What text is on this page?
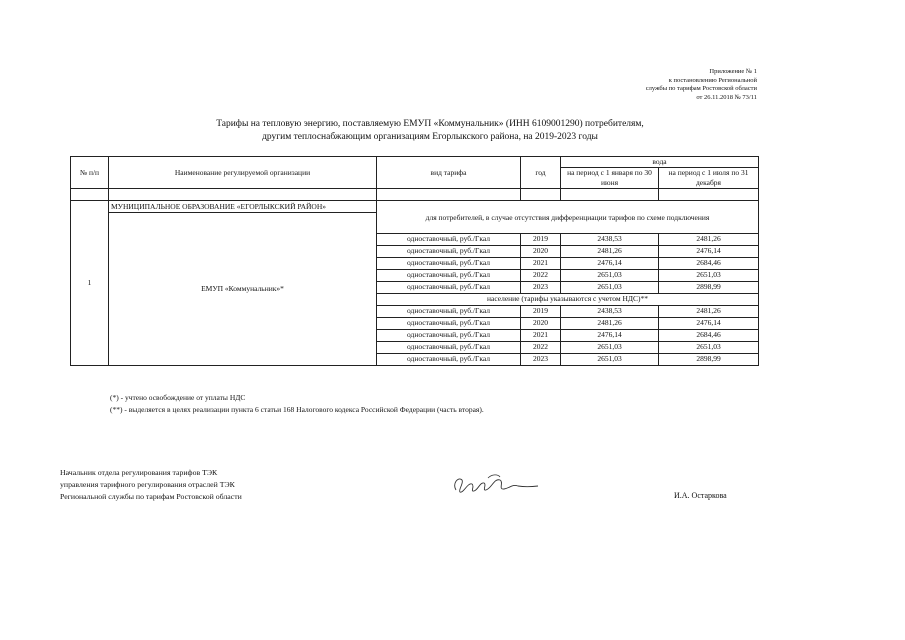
Приложение № 1
к постановлению Региональной
службы по тарифам Ростовской области
от 26.11.2018 № 73/11
Тарифы на тепловую энергию, поставляемую ЕМУП «Коммунальник» (ИНН 6109001290) потребителям,
другим теплоснабжающим организациям Егорлыкского района, на 2019-2023 годы
№ п/п	Наименование регулируемой организации	вид тарифа	год	вода	
				на период с 1 января по 30 июня	на период с 1 июля по 31 декабря

1	МУНИЦИПАЛЬНОЕ ОБРАЗОВАНИЕ «ЕГОРЛЫКСКИЙ РАЙОН»				
	ЕМУП «Коммунальник»*	для потребителей, в случае отсутствия дифференциации тарифов по схеме подключения			
		одноставочный, руб./Гкал	2019	2438,53	2481,26
		одноставочный, руб./Гкал	2020	2481,26	2476,14
		одноставочный, руб./Гкал	2021	2476,14	2684,46
		одноставочный, руб./Гкал	2022	2651,03	2651,03
		одноставочный, руб./Гкал	2023	2651,03	2898,99
		население (тарифы указываются с учетом НДС)**			
		одноставочный, руб./Гкал	2019	2438,53	2481,26
		одноставочный, руб./Гкал	2020	2481,26	2476,14
		одноставочный, руб./Гкал	2021	2476,14	2684,46
		одноставочный, руб./Гкал	2022	2651,03	2651,03
		одноставочный, руб./Гкал	2023	2651,03	2898,99
(*) - учтено освобождение от уплаты НДС
(**) - выделяется в целях реализации пункта 6 статьи 168 Налогового кодекса Российской Федерации (часть вторая).
Начальник отдела регулирования тарифов ТЭК
управления тарифного регулирования отраслей ТЭК
Региональной службы по тарифам Ростовской области	И.А. Остаркова
